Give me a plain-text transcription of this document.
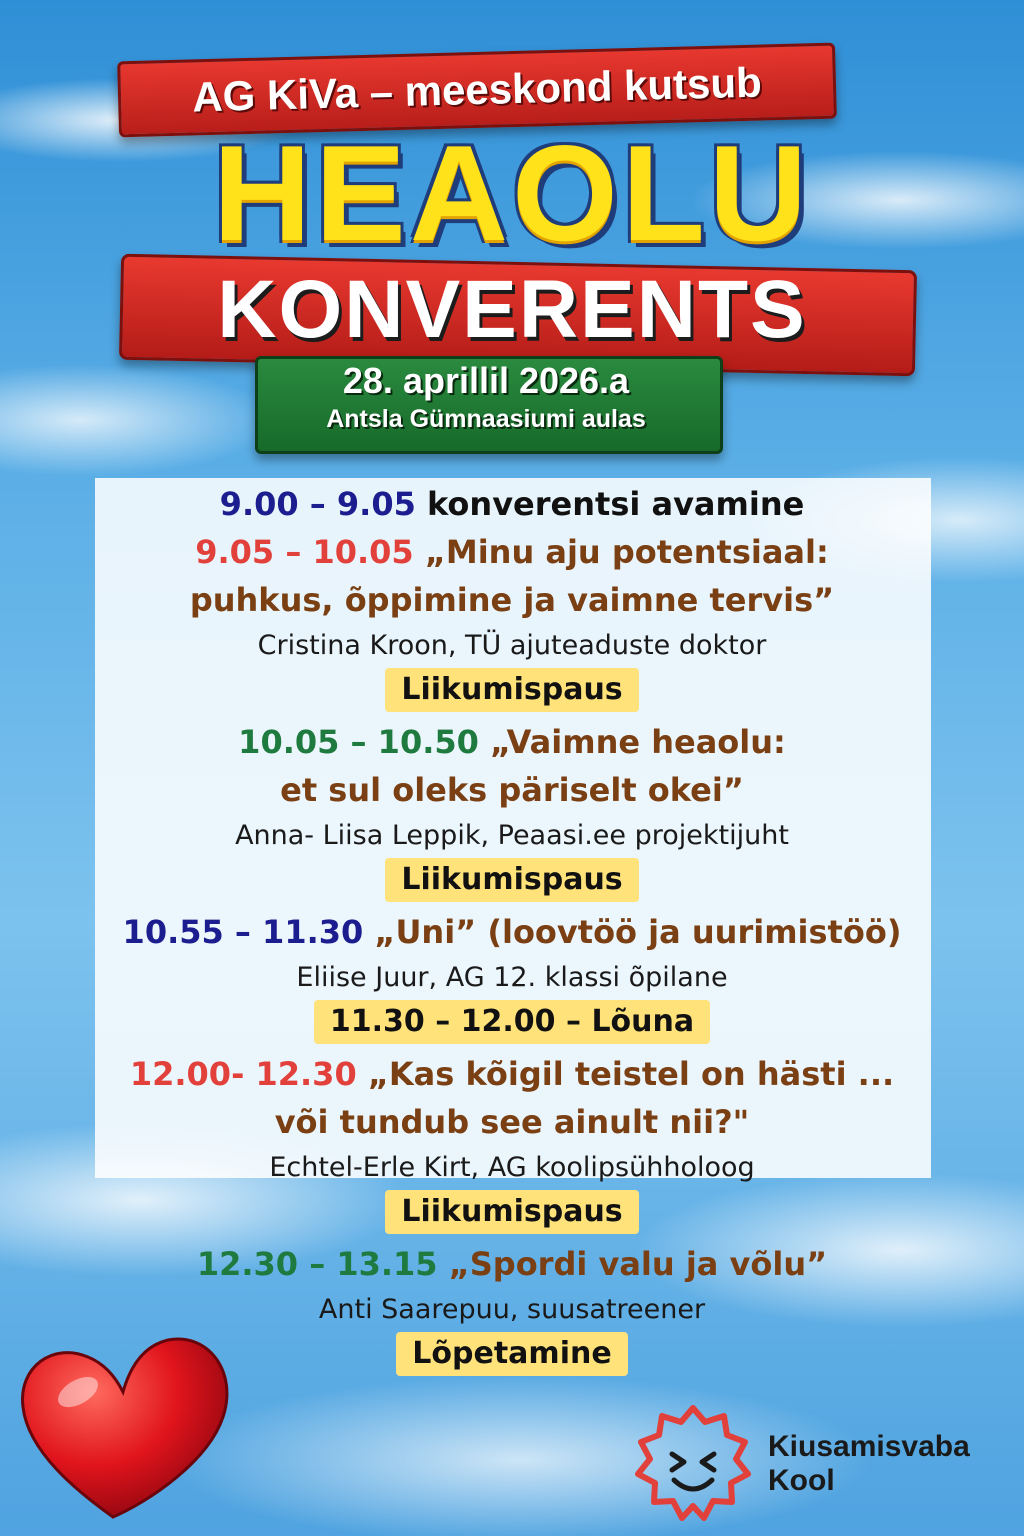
AG KiVa – meeskond kutsub
HEAOLU
KONVERENTS
28. aprillil 2026.a
Antsla Gümnaasiumi aulas
9.00 – 9.05 konverentsi avamine
9.05 – 10.05 „Minu aju potentsiaal:
puhkus, õppimine ja vaimne tervis”
Cristina Kroon, TÜ ajuteaduste doktor
Liikumispaus
10.05 – 10.50 „Vaimne heaolu:
et sul oleks päriselt okei”
Anna- Liisa Leppik, Peaasi.ee projektijuht
Liikumispaus
10.55 – 11.30 „Uni” (loovtöö ja uurimistöö)
Eliise Juur, AG 12. klassi õpilane
11.30 – 12.00 – Lõuna
12.00- 12.30 „Kas kõigil teistel on hästi ...
või tundub see ainult nii?"
Echtel-Erle Kirt, AG koolipsühholoog
Liikumispaus
12.30 – 13.15 „Spordi valu ja võlu”
Anti Saarepuu, suusatreener
Lõpetamine
Kiusamisvaba
Kool
